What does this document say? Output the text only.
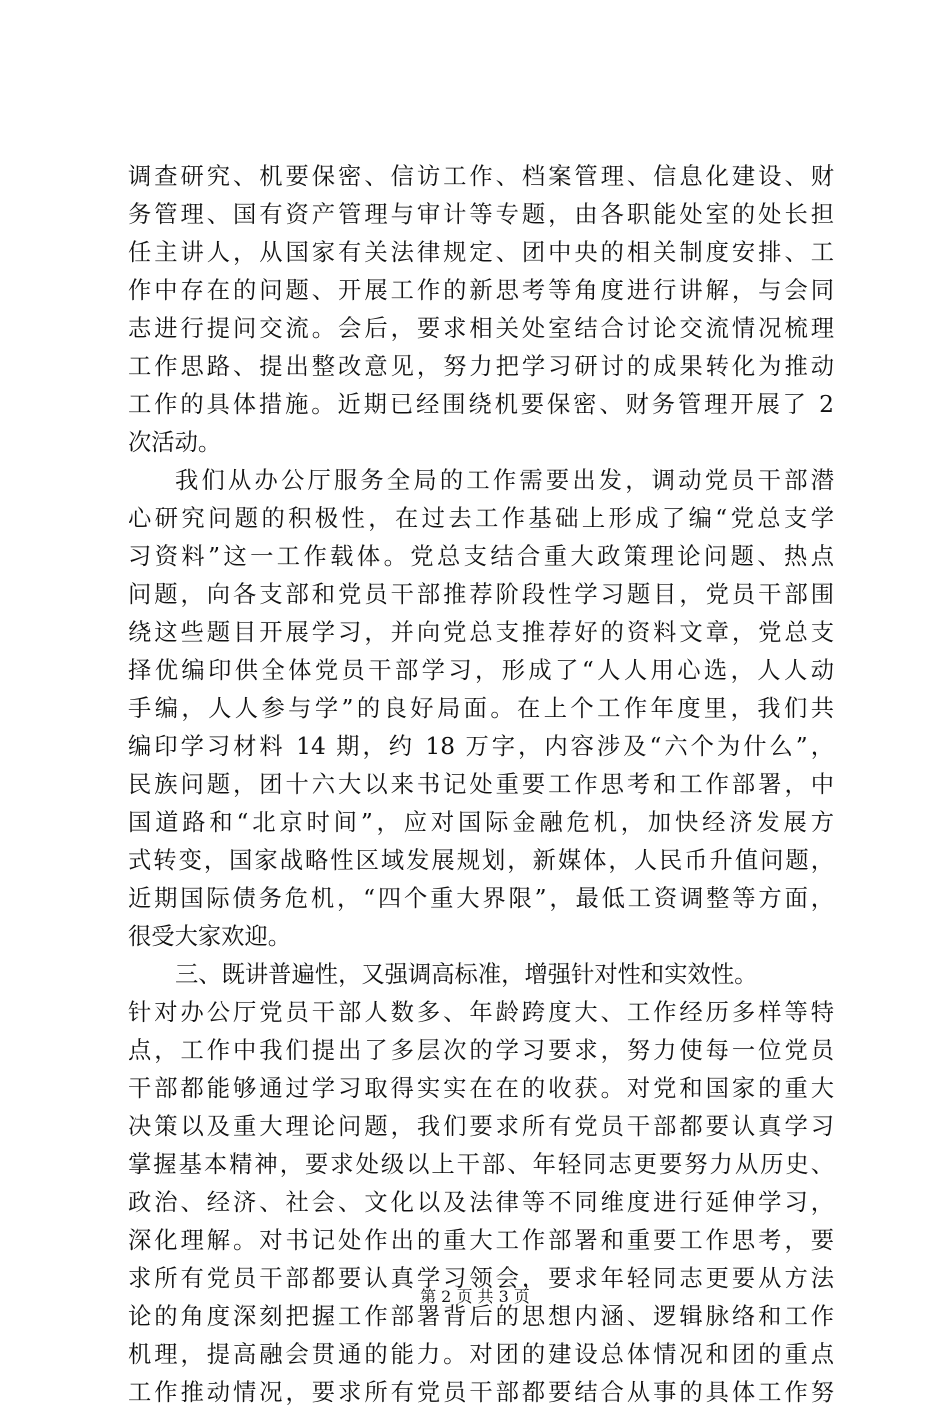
调查研究、机要保密、信访工作、档案管理、信息化建设、财
务管理、国有资产管理与审计等专题，由各职能处室的处长担
任主讲人，从国家有关法律规定、团中央的相关制度安排、工
作中存在的问题、开展工作的新思考等角度进行讲解，与会同
志进行提问交流。会后，要求相关处室结合讨论交流情况梳理
工作思路、提出整改意见，努力把学习研讨的成果转化为推动
工作的具体措施。近期已经围绕机要保密、财务管理开展了 2
次活动。
我们从办公厅服务全局的工作需要出发，调动党员干部潜
心研究问题的积极性，在过去工作基础上形成了编“党总支学
习资料”这一工作载体。党总支结合重大政策理论问题、热点
问题，向各支部和党员干部推荐阶段性学习题目，党员干部围
绕这些题目开展学习，并向党总支推荐好的资料文章，党总支
择优编印供全体党员干部学习，形成了“人人用心选，人人动
手编，人人参与学”的良好局面。在上个工作年度里，我们共
编印学习材料 14 期，约 18 万字，内容涉及“六个为什么”，
民族问题，团十六大以来书记处重要工作思考和工作部署，中
国道路和“北京时间”，应对国际金融危机，加快经济发展方
式转变，国家战略性区域发展规划，新媒体，人民币升值问题，
近期国际债务危机，“四个重大界限”，最低工资调整等方面，
很受大家欢迎。
三、既讲普遍性，又强调高标准，增强针对性和实效性。
针对办公厅党员干部人数多、年龄跨度大、工作经历多样等特
点，工作中我们提出了多层次的学习要求，努力使每一位党员
干部都能够通过学习取得实实在在的收获。对党和国家的重大
决策以及重大理论问题，我们要求所有党员干部都要认真学习
掌握基本精神，要求处级以上干部、年轻同志更要努力从历史、
政治、经济、社会、文化以及法律等不同维度进行延伸学习，
深化理解。对书记处作出的重大工作部署和重要工作思考，要
求所有党员干部都要认真学习领会，要求年轻同志更要从方法
论的角度深刻把握工作部署背后的思想内涵、逻辑脉络和工作
机理，提高融会贯通的能力。对团的建设总体情况和团的重点
工作推动情况，要求所有党员干部都要结合从事的具体工作努
第 2 页 共 3 页
